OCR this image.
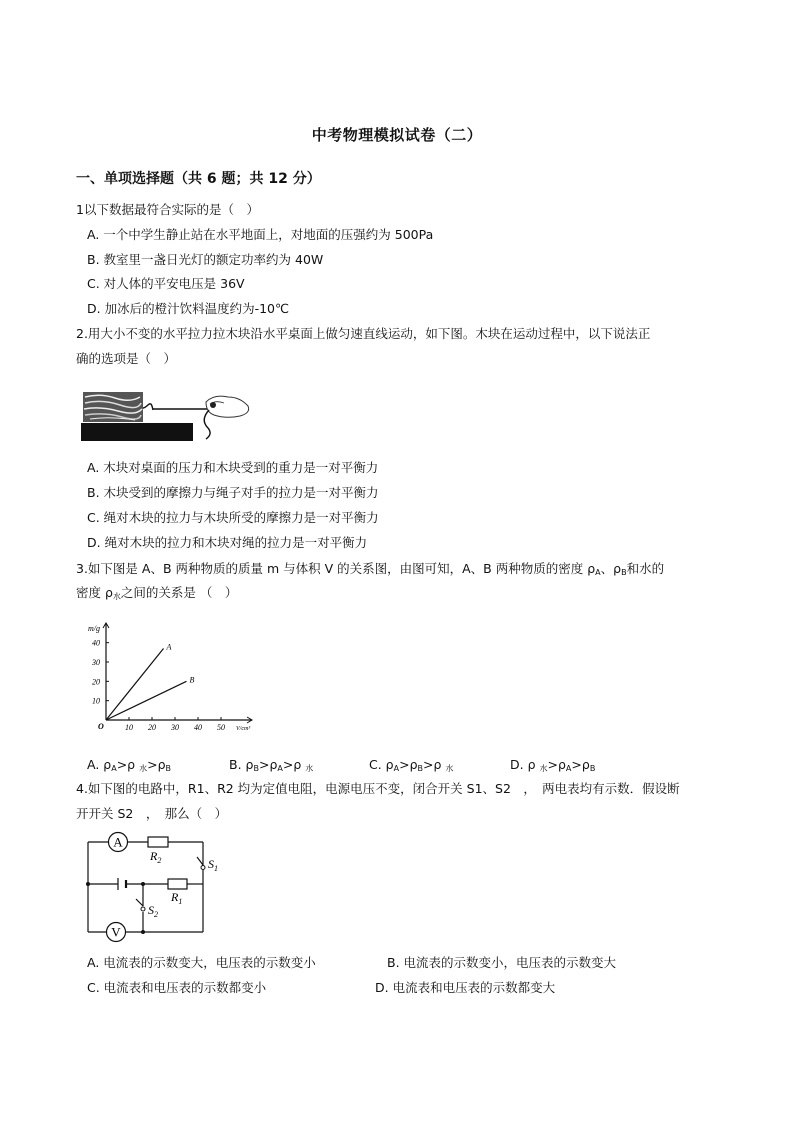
中考物理模拟试卷（二）
一、单项选择题（共 6 题；共 12 分）
1以下数据最符合实际的是（　）
A. 一个中学生静止站在水平地面上，对地面的压强约为 500Pa
B. 教室里一盏日光灯的额定功率约为 40W
C. 对人体的平安电压是 36V
D. 加冰后的橙汁饮料温度约为-10℃
2.用大小不变的水平拉力拉木块沿水平桌面上做匀速直线运动，如下图。木块在运动过程中，以下说法正
确的选项是（　）
A. 木块对桌面的压力和木块受到的重力是一对平衡力
B. 木块受到的摩擦力与绳子对手的拉力是一对平衡力
C. 绳对木块的拉力与木块所受的摩擦力是一对平衡力
D. 绳对木块的拉力和木块对绳的拉力是一对平衡力
3.如下图是 A、B 两种物质的质量 m 与体积 V 的关系图，由图可知，A、B 两种物质的密度 $\rho_A$、$\rho_B$和水的
密度 $\rho_水$之间的关系是 （　）
10
20
30
40
10 20 30 40 50
O
m/g
V/cm³
A
B
A. $\rho_A>\rho$ $_水>\rho_B$	B. $\rho_B>\rho_A>\rho$ $_水$	C. $\rho_A>\rho_B>\rho$ $_水$	D. ρ $_水>\rho_A>\rho_B$
4.如下图的电路中，R1、R2 均为定值电阻，电源电压不变，闭合开关 S1、S2　，　两电表均有示数．假设断
开开关 S2　，　那么（　）
A
$R_2$	$S_1$
$R_1$
$S_2$
V
A. 电流表的示数变大，电压表的示数变小	B. 电流表的示数变小，电压表的示数变大
C. 电流表和电压表的示数都变小	D. 电流表和电压表的示数都变大
